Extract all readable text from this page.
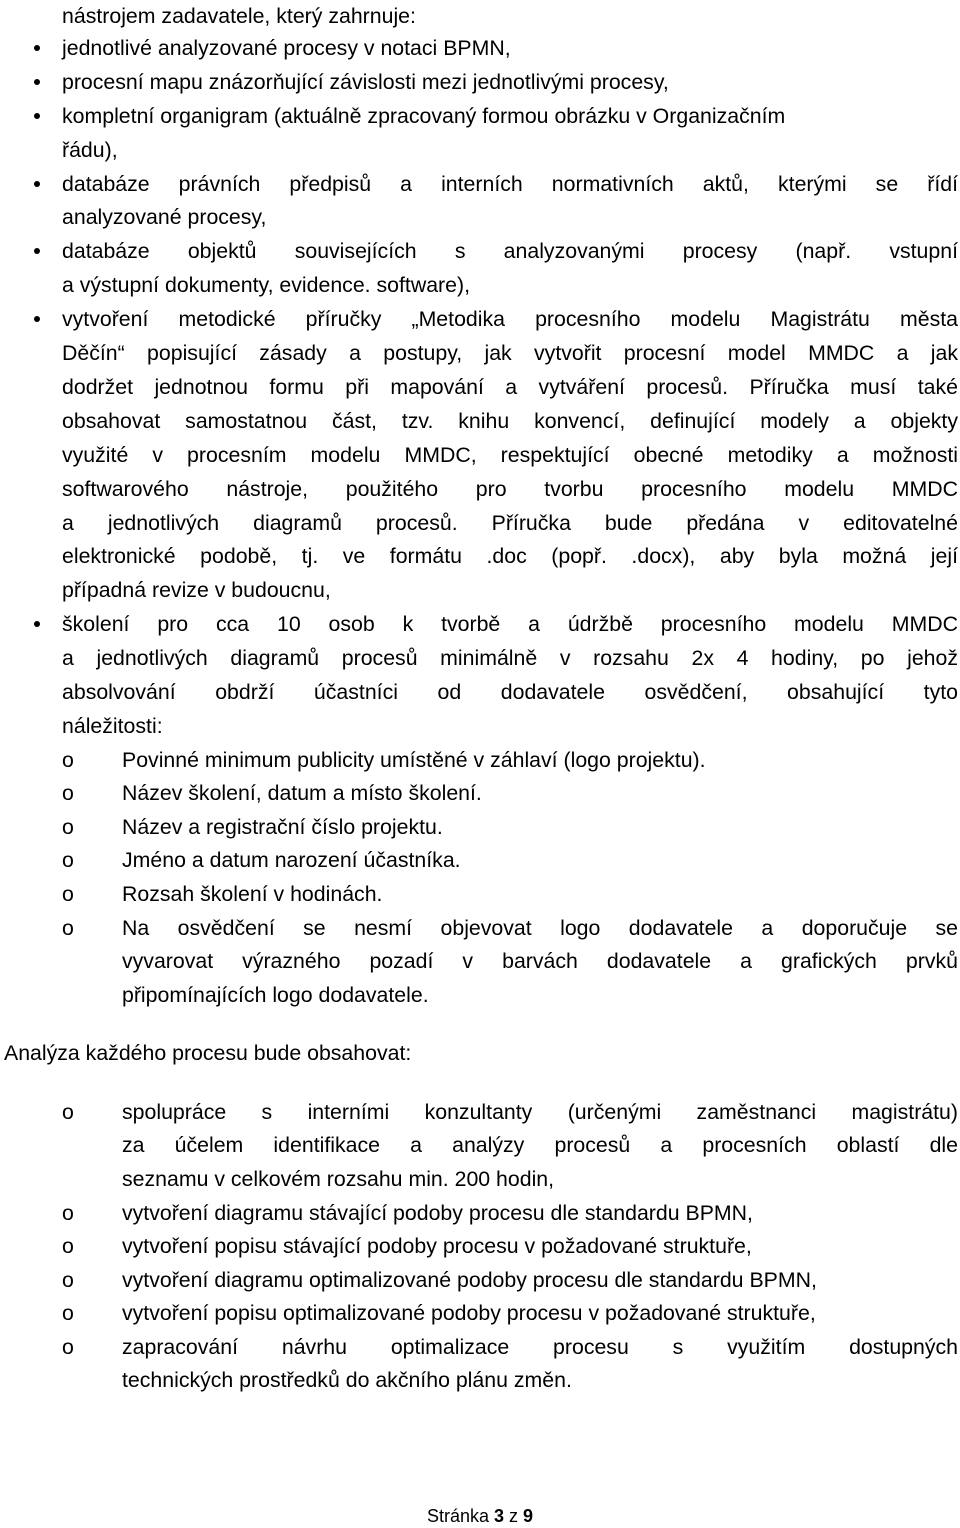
nástrojem zadavatele, který zahrnuje:
jednotlivé analyzované procesy v notaci BPMN,
procesní mapu znázorňující závislosti mezi jednotlivými procesy,
kompletní organigram (aktuálně zpracovaný formou obrázku v Organizačním
řádu),
databáze právních předpisů a interních normativních aktů, kterými se řídí
analyzované procesy,
databáze objektů souvisejících s analyzovanými procesy (např. vstupní
a výstupní dokumenty, evidence. software),
vytvoření metodické příručky „Metodika procesního modelu Magistrátu města
Děčín“ popisující zásady a postupy, jak vytvořit procesní model MMDC a jak
dodržet jednotnou formu při mapování a vytváření procesů. Příručka musí také
obsahovat samostatnou část, tzv. knihu konvencí, definující modely a objekty
využité v procesním modelu MMDC, respektující obecné metodiky a možnosti
softwarového nástroje, použitého pro tvorbu procesního modelu MMDC
a jednotlivých diagramů procesů. Příručka bude předána v editovatelné
elektronické podobě, tj. ve formátu .doc (popř. .docx), aby byla možná její
případná revize v budoucnu,
školení pro cca 10 osob k tvorbě a údržbě procesního modelu MMDC
a jednotlivých diagramů procesů minimálně v rozsahu 2x 4 hodiny, po jehož
absolvování obdrží účastníci od dodavatele osvědčení, obsahující tyto
náležitosti:
o Povinné minimum publicity umístěné v záhlaví (logo projektu).
o Název školení, datum a místo školení.
o Název a registrační číslo projektu.
o Jméno a datum narození účastníka.
o Rozsah školení v hodinách.
o Na osvědčení se nesmí objevovat logo dodavatele a doporučuje se
vyvarovat výrazného pozadí v barvách dodavatele a grafických prvků
připomínajících logo dodavatele.
Analýza každého procesu bude obsahovat:
o spolupráce s interními konzultanty (určenými zaměstnanci magistrátu)
za účelem identifikace a analýzy procesů a procesních oblastí dle
seznamu v celkovém rozsahu min. 200 hodin,
o vytvoření diagramu stávající podoby procesu dle standardu BPMN,
o vytvoření popisu stávající podoby procesu v požadované struktuře,
o vytvoření diagramu optimalizované podoby procesu dle standardu BPMN,
o vytvoření popisu optimalizované podoby procesu v požadované struktuře,
o zapracování návrhu optimalizace procesu s využitím dostupných
technických prostředků do akčního plánu změn.
Stránka 3 z 9
